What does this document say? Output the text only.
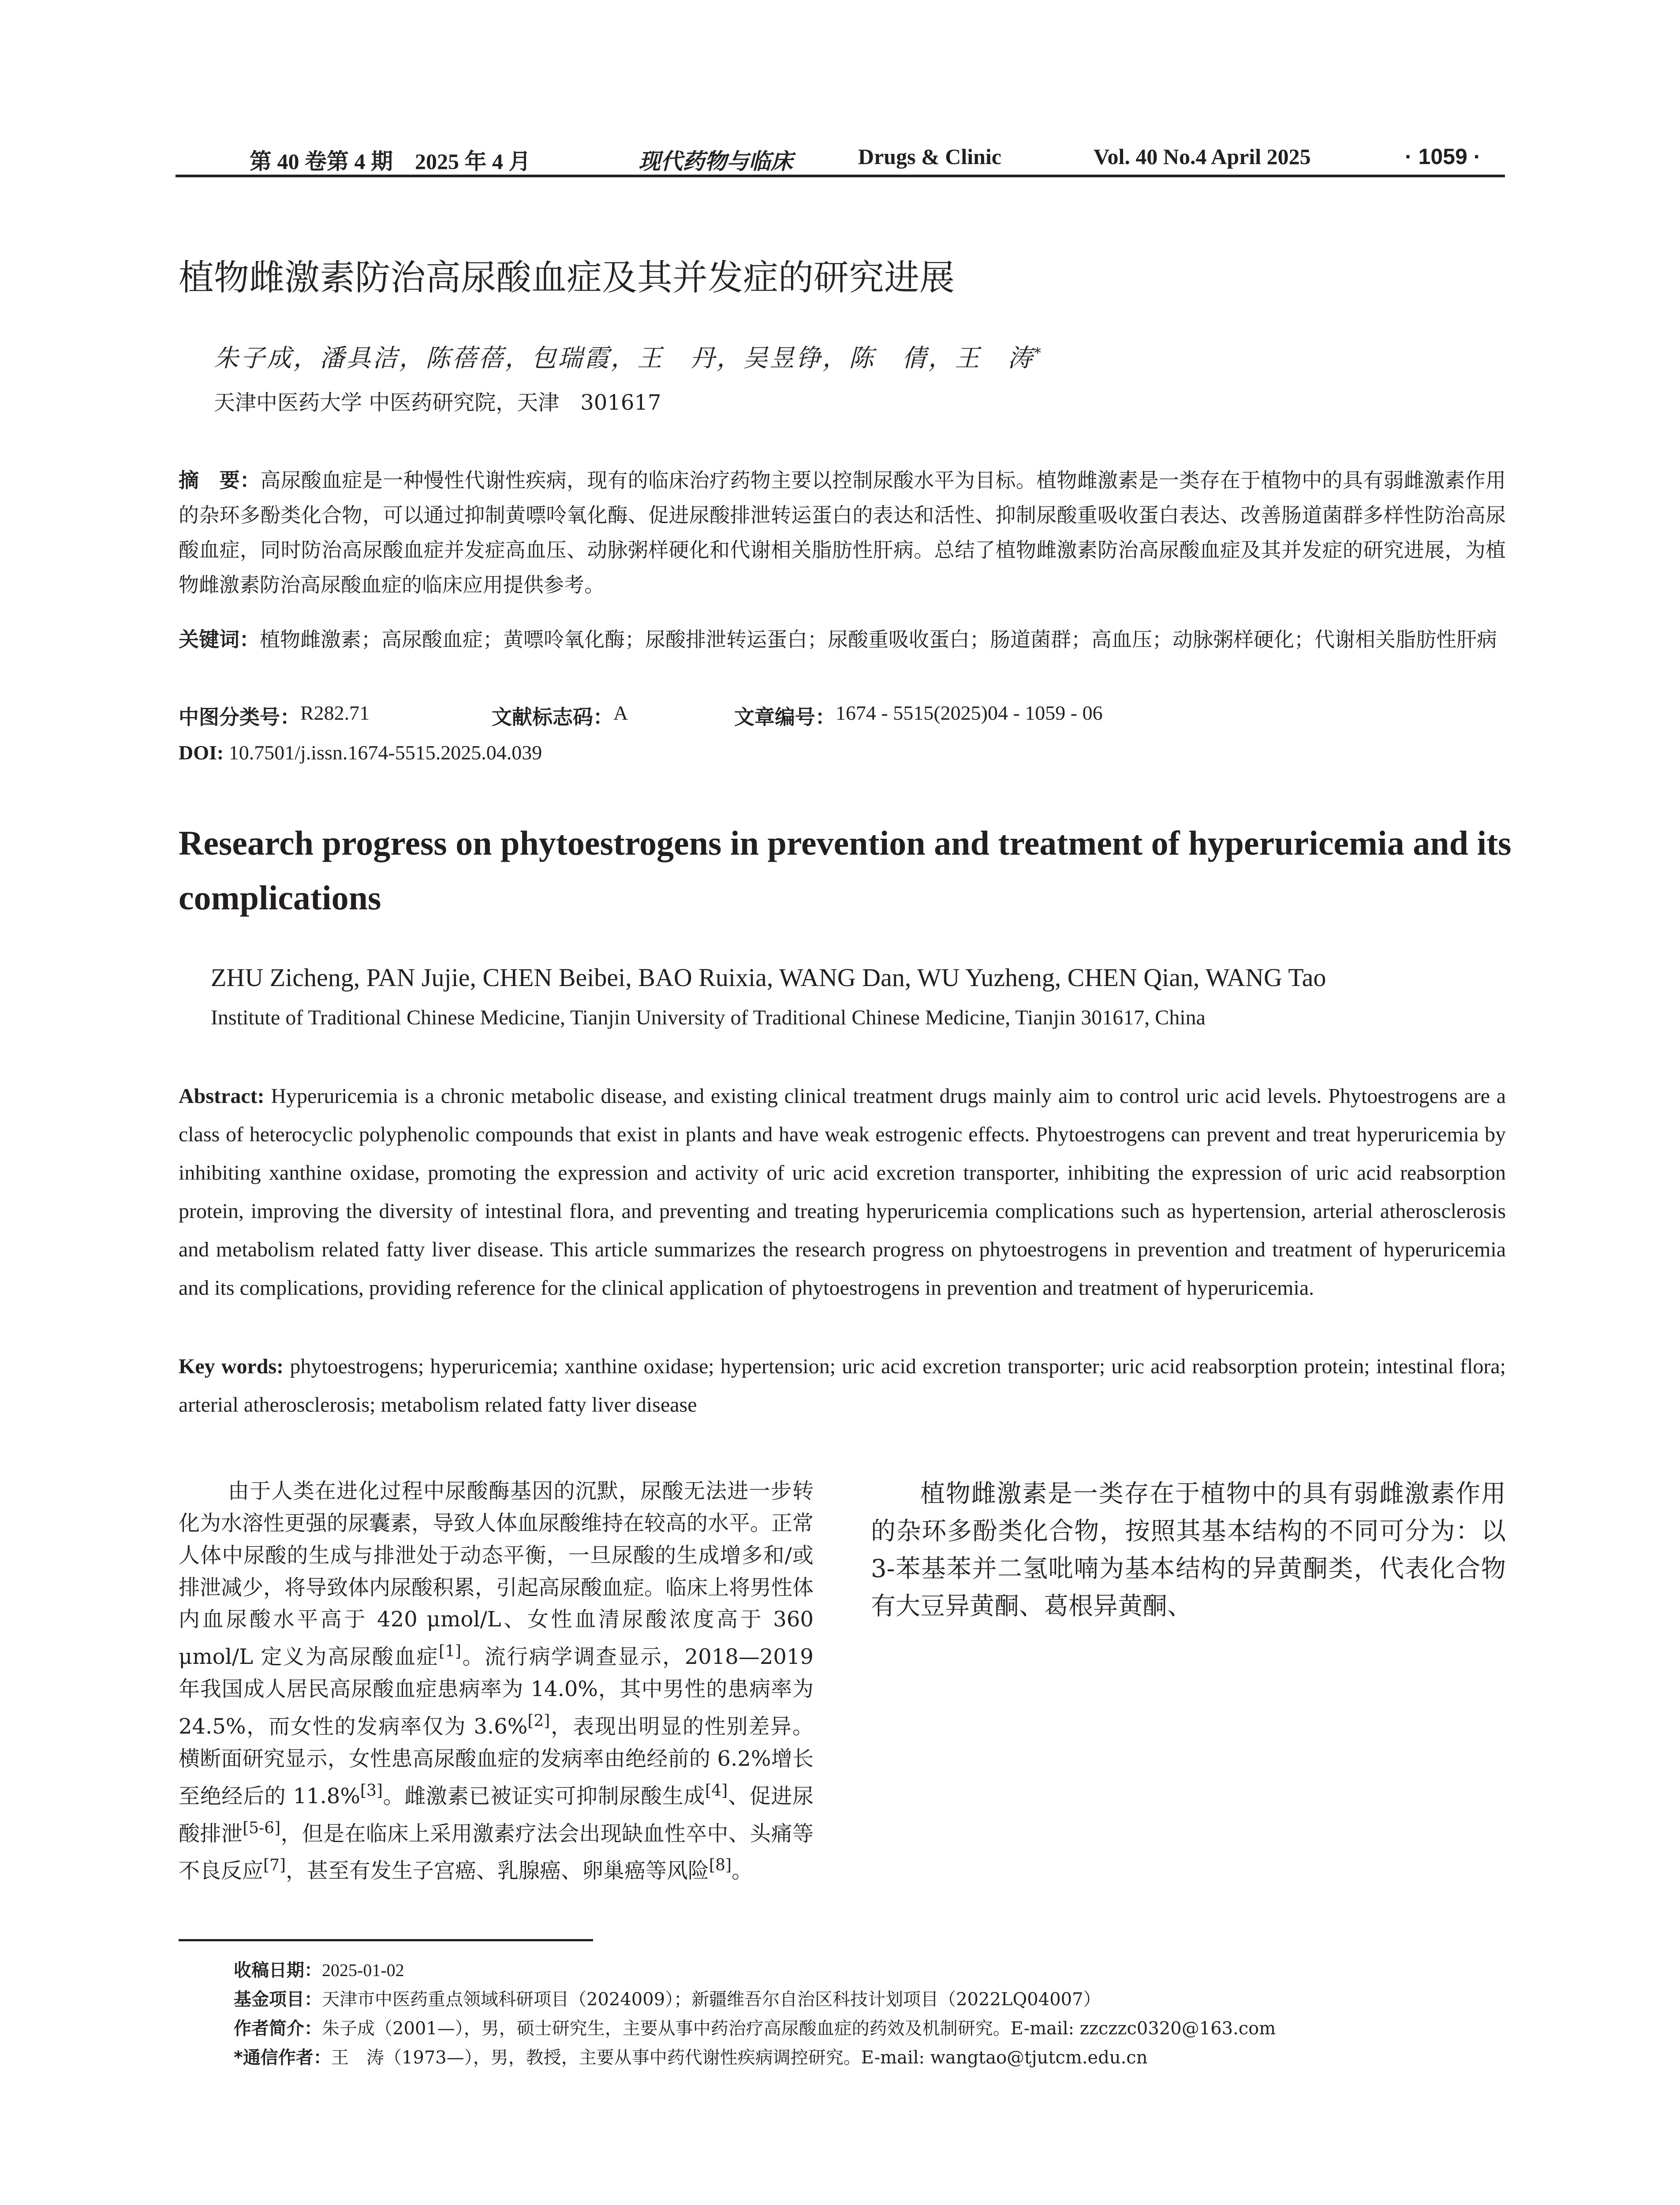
第 40 卷第 4 期　2025 年 4 月	现代药物与临床	Drugs & Clinic	Vol. 40 No.4 April 2025	· 1059 ·
植物雌激素防治高尿酸血症及其并发症的研究进展
朱子成，潘具洁，陈蓓蓓，包瑞霞，王　丹，吴昱铮，陈　倩，王　涛*
天津中医药大学 中医药研究院，天津　301617
摘　要：高尿酸血症是一种慢性代谢性疾病，现有的临床治疗药物主要以控制尿酸水平为目标。植物雌激素是一类存在于植物中的具有弱雌激素作用的杂环多酚类化合物，可以通过抑制黄嘌呤氧化酶、促进尿酸排泄转运蛋白的表达和活性、抑制尿酸重吸收蛋白表达、改善肠道菌群多样性防治高尿酸血症，同时防治高尿酸血症并发症高血压、动脉粥样硬化和代谢相关脂肪性肝病。总结了植物雌激素防治高尿酸血症及其并发症的研究进展，为植物雌激素防治高尿酸血症的临床应用提供参考。
关键词：植物雌激素；高尿酸血症；黄嘌呤氧化酶；尿酸排泄转运蛋白；尿酸重吸收蛋白；肠道菌群；高血压；动脉粥样硬化；代谢相关脂肪性肝病
中图分类号： R282.71	文献标志码： A	文章编号： 1674 - 5515(2025)04 - 1059 - 06
DOI: 10.7501/j.issn.1674-5515.2025.04.039
Research progress on phytoestrogens in prevention and treatment of hyperuricemia and its complications
ZHU Zicheng, PAN Jujie, CHEN Beibei, BAO Ruixia, WANG Dan, WU Yuzheng, CHEN Qian, WANG Tao
Institute of Traditional Chinese Medicine, Tianjin University of Traditional Chinese Medicine, Tianjin 301617, China
Abstract: Hyperuricemia is a chronic metabolic disease, and existing clinical treatment drugs mainly aim to control uric acid levels. Phytoestrogens are a class of heterocyclic polyphenolic compounds that exist in plants and have weak estrogenic effects. Phytoestrogens can prevent and treat hyperuricemia by inhibiting xanthine oxidase, promoting the expression and activity of uric acid excretion transporter, inhibiting the expression of uric acid reabsorption protein, improving the diversity of intestinal flora, and preventing and treating hyperuricemia complications such as hypertension, arterial atherosclerosis and metabolism related fatty liver disease. This article summarizes the research progress on phytoestrogens in prevention and treatment of hyperuricemia and its complications, providing reference for the clinical application of phytoestrogens in prevention and treatment of hyperuricemia.
Key words: phytoestrogens; hyperuricemia; xanthine oxidase; hypertension; uric acid excretion transporter; uric acid reabsorption protein; intestinal flora; arterial atherosclerosis; metabolism related fatty liver disease
由于人类在进化过程中尿酸酶基因的沉默，尿酸无法进一步转化为水溶性更强的尿囊素，导致人体血尿酸维持在较高的水平。正常人体中尿酸的生成与排泄处于动态平衡，一旦尿酸的生成增多和/或排泄减少，将导致体内尿酸积累，引起高尿酸血症。临床上将男性体内血尿酸水平高于 420 μmol/L、女性血清尿酸浓度高于 360 μmol/L 定义为高尿酸血症[1]。流行病学调查显示，2018—2019 年我国成人居民高尿酸血症患病率为 14.0%，其中男性的患病率为 24.5%，而女性的发病率仅为 3.6%[2]，表现出明显的性别差异。横断面研究显示，女性患高尿酸血症的发病率由绝经前的 6.2%增长至绝经后的 11.8%[3]。雌激素已被证实可抑制尿酸生成[4]、促进尿酸排泄[5-6]，但是在临床上采用激素疗法会出现缺血性卒中、头痛等不良反应[7]，甚至有发生子宫癌、乳腺癌、卵巢癌等风险[8]。
植物雌激素是一类存在于植物中的具有弱雌激素作用的杂环多酚类化合物，按照其基本结构的不同可分为：以 3-苯基苯并二氢吡喃为基本结构的异黄酮类，代表化合物有大豆异黄酮、葛根异黄酮、
收稿日期：2025-01-02
基金项目：天津市中医药重点领域科研项目（2024009）；新疆维吾尔自治区科技计划项目（2022LQ04007）
作者简介：朱子成（2001—），男，硕士研究生，主要从事中药治疗高尿酸血症的药效及机制研究。E-mail: zzczzc0320@163.com
*通信作者：王　涛（1973—），男，教授，主要从事中药代谢性疾病调控研究。E-mail: wangtao@tjutcm.edu.cn
